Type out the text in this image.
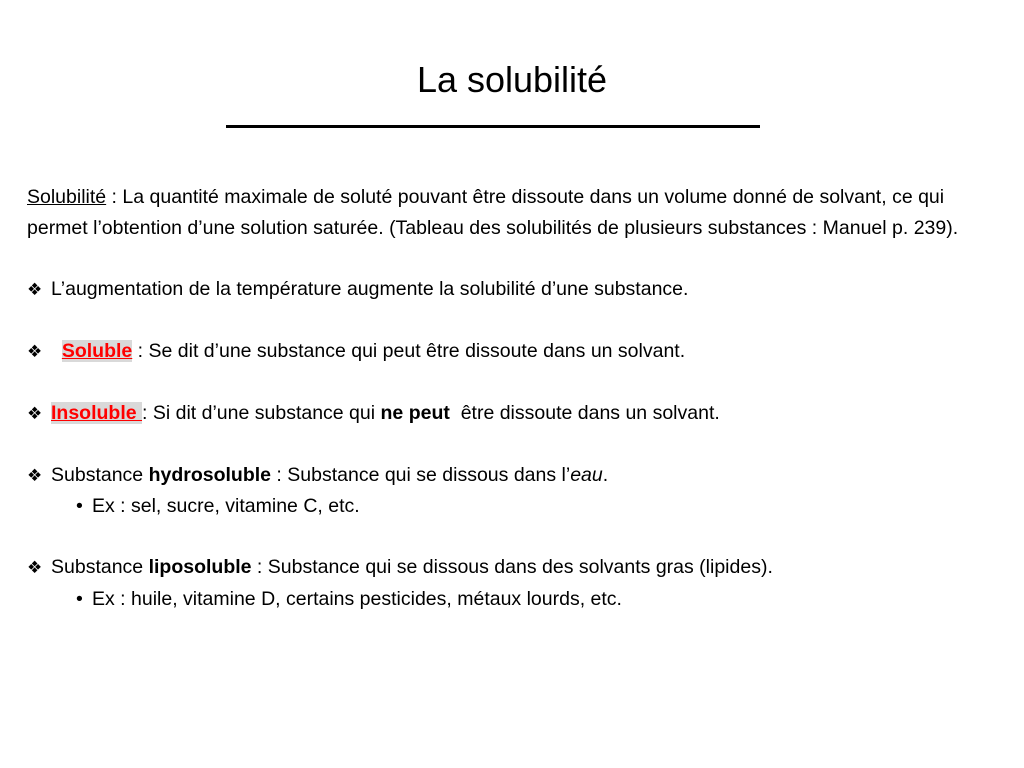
La solubilité

Solubilité : La quantité maximale de soluté pouvant être dissoute dans un volume donné de solvant, ce qui permet l’obtention d’une solution saturée. (Tableau des solubilités de plusieurs substances : Manuel p. 239).

❖ L’augmentation de la température augmente la solubilité d’une substance.

❖ Soluble : Se dit d’une substance qui peut être dissoute dans un solvant.

❖ Insoluble : Si dit d’une substance qui ne peut  être dissoute dans un solvant.

❖ Substance hydrosoluble : Substance qui se dissous dans l’eau.

• Ex : sel, sucre, vitamine C, etc.

❖ Substance liposoluble : Substance qui se dissous dans des solvants gras (lipides).

• Ex : huile, vitamine D, certains pesticides, métaux lourds, etc.
